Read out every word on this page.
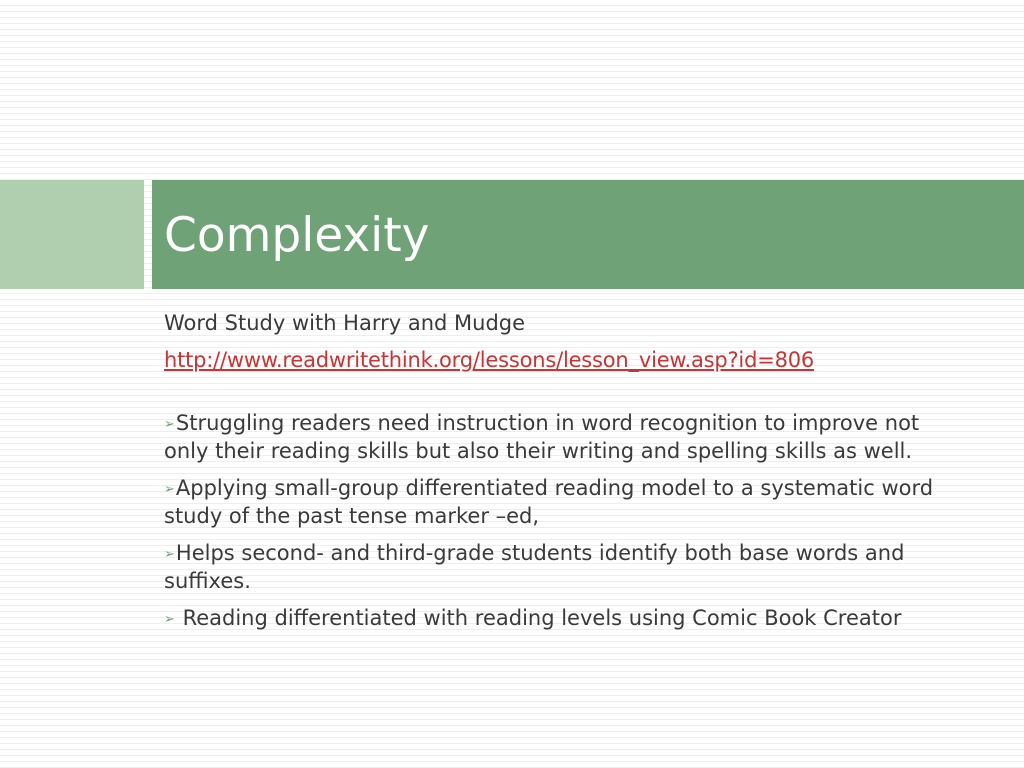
Complexity

Word Study with Harry and Mudge

http://www.readwritethink.org/lessons/lesson_view.asp?id=806

➢Struggling readers need instruction in word recognition to improve not only their reading skills but also their writing and spelling skills as well.
➢Applying small-group differentiated reading model to a systematic word study of the past tense marker –ed,
➢Helps second- and third-grade students identify both base words and suffixes.
➢ Reading differentiated with reading levels using Comic Book Creator
